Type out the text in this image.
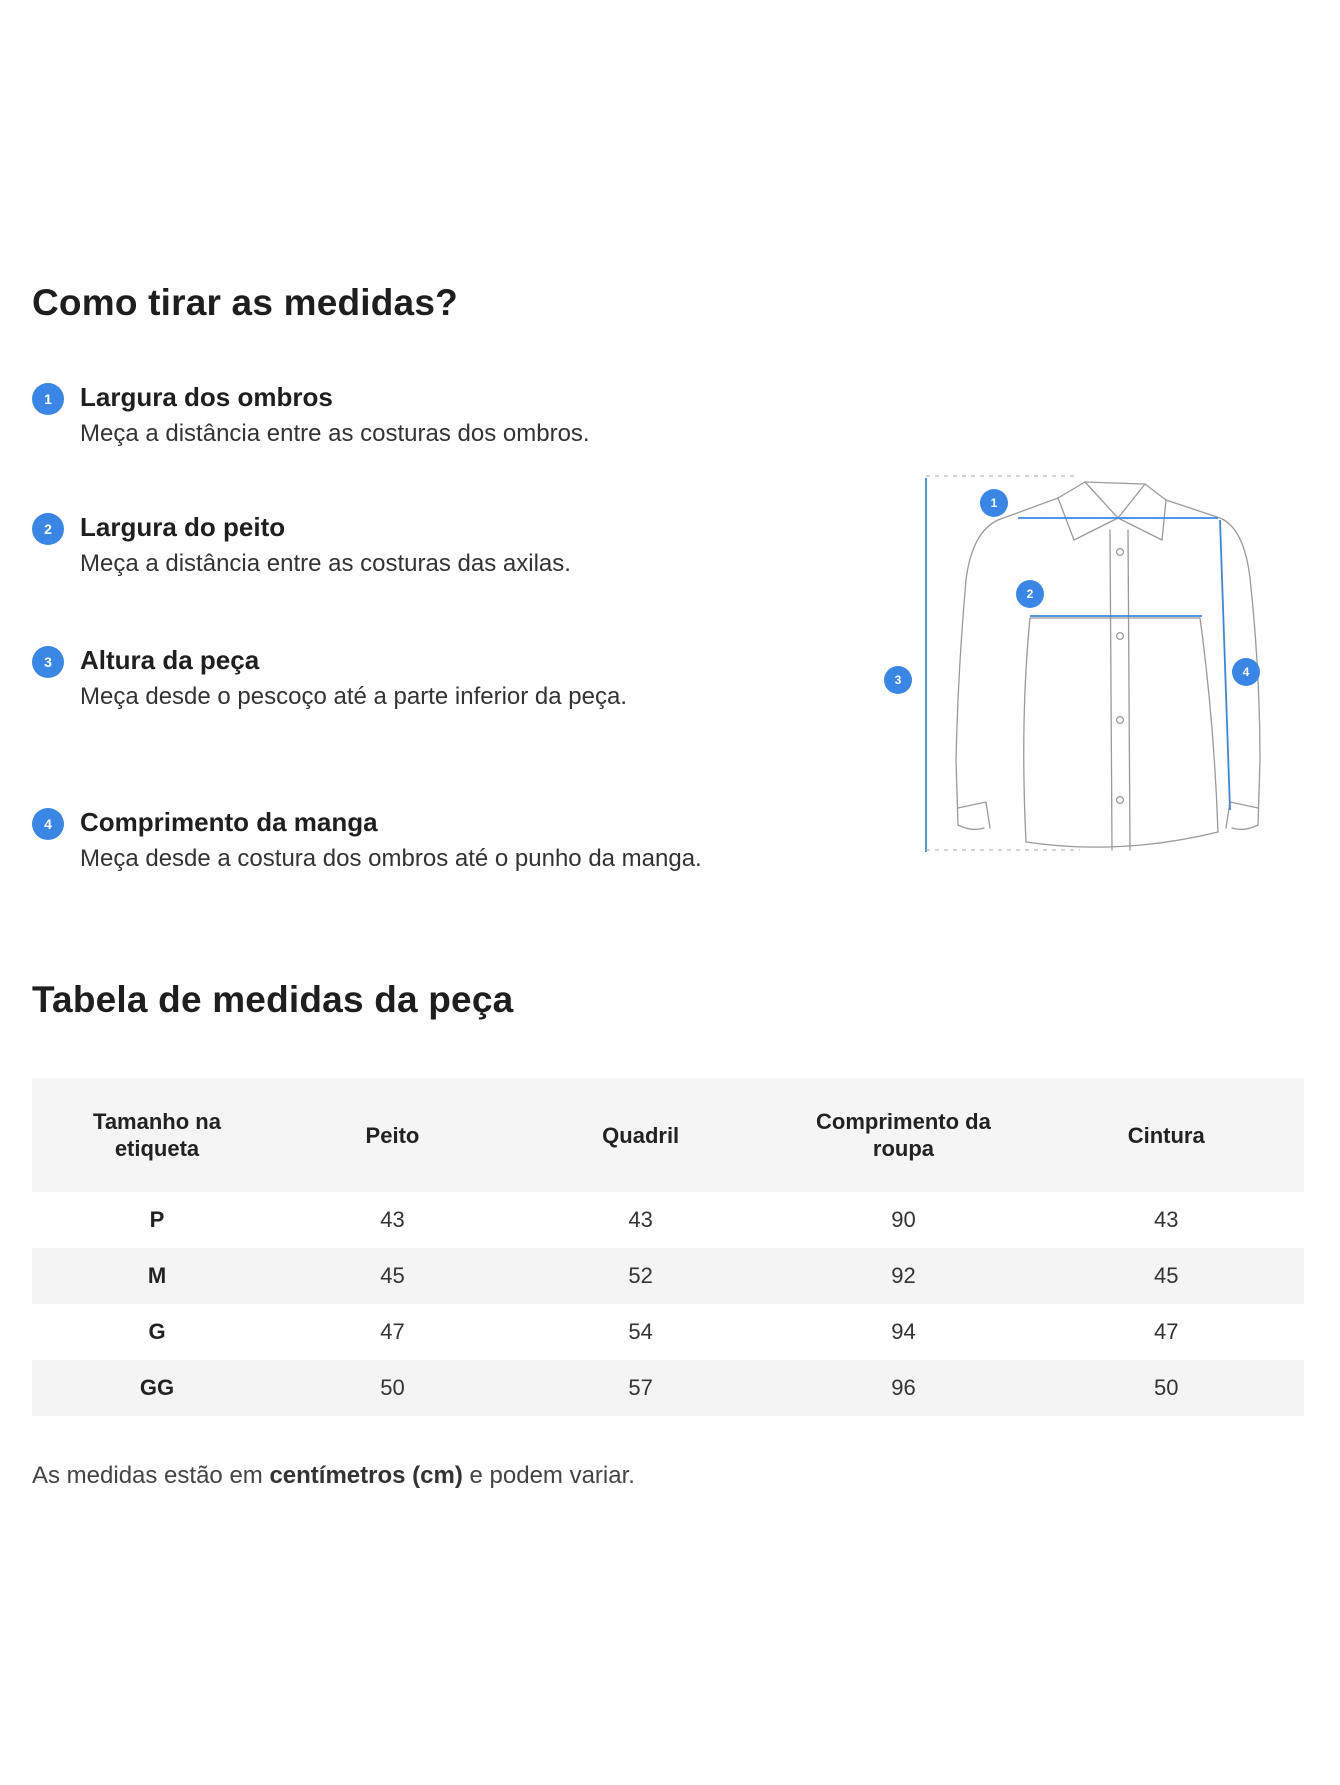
Como tirar as medidas?
1	Largura dos ombros
Meça a distância entre as costuras dos ombros.
2	Largura do peito
Meça a distância entre as costuras das axilas.
3	Altura da peça
Meça desde o pescoço até a parte inferior da peça.
4	Comprimento da manga
Meça desde a costura dos ombros até o punho da manga.
1
2
3
4
Tabela de medidas da peça
Tamanho na etiqueta	Peito	Quadril	Comprimento da roupa	Cintura
P	43	43	90	43
M	45	52	92	45
G	47	54	94	47
GG	50	57	96	50
As medidas estão em centímetros (cm) e podem variar.
